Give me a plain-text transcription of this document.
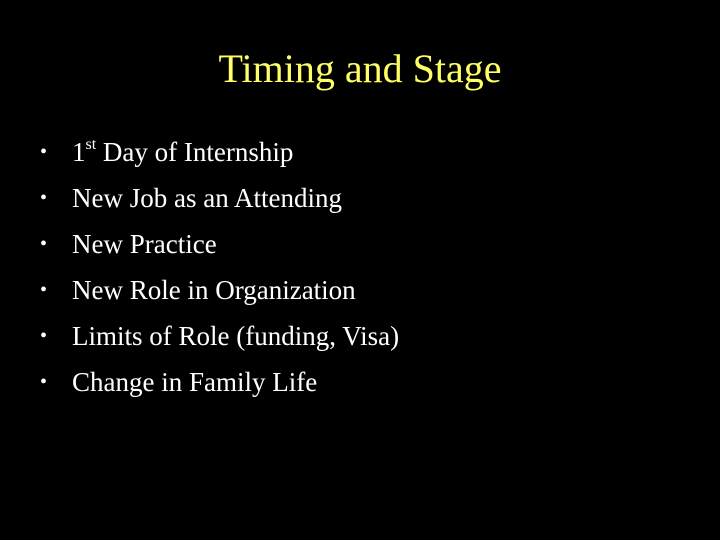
Timing and Stage
• 1st Day of Internship
• New Job as an Attending
• New Practice
• New Role in Organization
• Limits of Role (funding, Visa)
• Change in Family Life
